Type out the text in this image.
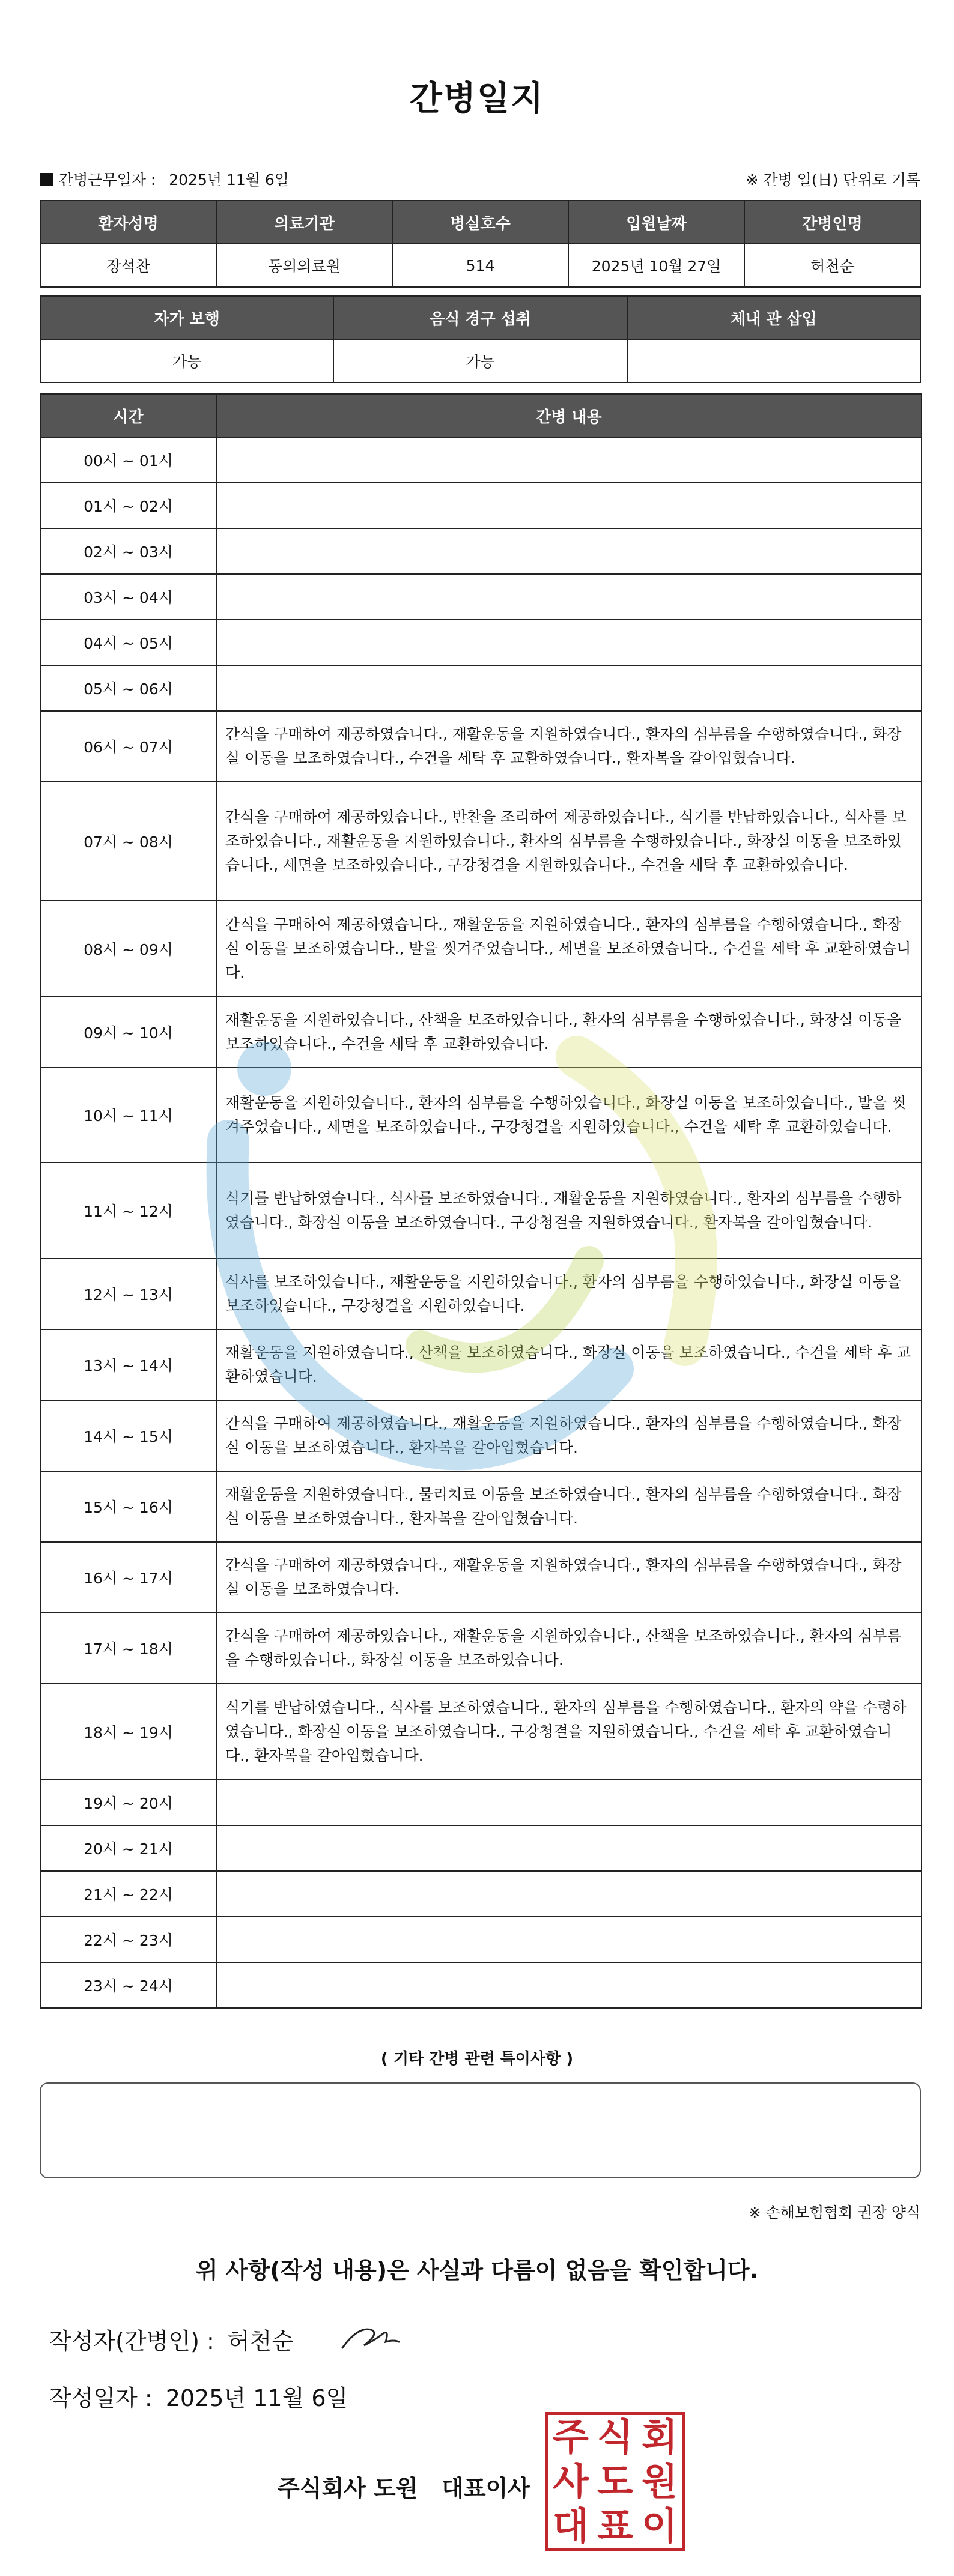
간병일지
간병근무일자 : 2025년 11월 6일	※ 간병 일(日) 단위로 기록
환자성명	의료기관	병실호수	입원날짜	간병인명
장석찬	동의의료원	514	2025년 10월 27일	허천순
자가 보행	음식 경구 섭취	체내 관 삽입
가능	가능	
시간	간병 내용
00시 ~ 01시	
01시 ~ 02시	
02시 ~ 03시	
03시 ~ 04시	
04시 ~ 05시	
05시 ~ 06시	
06시 ~ 07시	간식을 구매하여 제공하였습니다., 재활운동을 지원하였습니다., 환자의 심부름을 수행하였습니다., 화장실 이동을 보조하였습니다., 수건을 세탁 후 교환하였습니다., 환자복을 갈아입혔습니다.
07시 ~ 08시	간식을 구매하여 제공하였습니다., 반찬을 조리하여 제공하였습니다., 식기를 반납하였습니다., 식사를 보조하였습니다., 재활운동을 지원하였습니다., 환자의 심부름을 수행하였습니다., 화장실 이동을 보조하였습니다., 세면을 보조하였습니다., 구강청결을 지원하였습니다., 수건을 세탁 후 교환하였습니다.
08시 ~ 09시	간식을 구매하여 제공하였습니다., 재활운동을 지원하였습니다., 환자의 심부름을 수행하였습니다., 화장실 이동을 보조하였습니다., 발을 씻겨주었습니다., 세면을 보조하였습니다., 수건을 세탁 후 교환하였습니다.
09시 ~ 10시	재활운동을 지원하였습니다., 산책을 보조하였습니다., 환자의 심부름을 수행하였습니다., 화장실 이동을 보조하였습니다., 수건을 세탁 후 교환하였습니다.
10시 ~ 11시	재활운동을 지원하였습니다., 환자의 심부름을 수행하였습니다., 화장실 이동을 보조하였습니다., 발을 씻겨주었습니다., 세면을 보조하였습니다., 구강청결을 지원하였습니다., 수건을 세탁 후 교환하였습니다.
11시 ~ 12시	식기를 반납하였습니다., 식사를 보조하였습니다., 재활운동을 지원하였습니다., 환자의 심부름을 수행하였습니다., 화장실 이동을 보조하였습니다., 구강청결을 지원하였습니다., 환자복을 갈아입혔습니다.
12시 ~ 13시	식사를 보조하였습니다., 재활운동을 지원하였습니다., 환자의 심부름을 수행하였습니다., 화장실 이동을 보조하였습니다., 구강청결을 지원하였습니다.
13시 ~ 14시	재활운동을 지원하였습니다., 산책을 보조하였습니다., 화장실 이동을 보조하였습니다., 수건을 세탁 후 교환하였습니다.
14시 ~ 15시	간식을 구매하여 제공하였습니다., 재활운동을 지원하였습니다., 환자의 심부름을 수행하였습니다., 화장실 이동을 보조하였습니다., 환자복을 갈아입혔습니다.
15시 ~ 16시	재활운동을 지원하였습니다., 물리치료 이동을 보조하였습니다., 환자의 심부름을 수행하였습니다., 화장실 이동을 보조하였습니다., 환자복을 갈아입혔습니다.
16시 ~ 17시	간식을 구매하여 제공하였습니다., 재활운동을 지원하였습니다., 환자의 심부름을 수행하였습니다., 화장실 이동을 보조하였습니다.
17시 ~ 18시	간식을 구매하여 제공하였습니다., 재활운동을 지원하였습니다., 산책을 보조하였습니다., 환자의 심부름을 수행하였습니다., 화장실 이동을 보조하였습니다.
18시 ~ 19시	식기를 반납하였습니다., 식사를 보조하였습니다., 환자의 심부름을 수행하였습니다., 환자의 약을 수령하였습니다., 화장실 이동을 보조하였습니다., 구강청결을 지원하였습니다., 수건을 세탁 후 교환하였습니다., 환자복을 갈아입혔습니다.
19시 ~ 20시	
20시 ~ 21시	
21시 ~ 22시	
22시 ~ 23시	
23시 ~ 24시	
( 기타 간병 관련 특이사항 )
※ 손해보험협회 권장 양식
위 사항(작성 내용)은 사실과 다름이 없음을 확인합니다.
작성자(간병인) : 허천순
작성일자 : 2025년 11월 6일
주식회사 도원   대표이사
주 식 회
사 도 원
대 표 이
